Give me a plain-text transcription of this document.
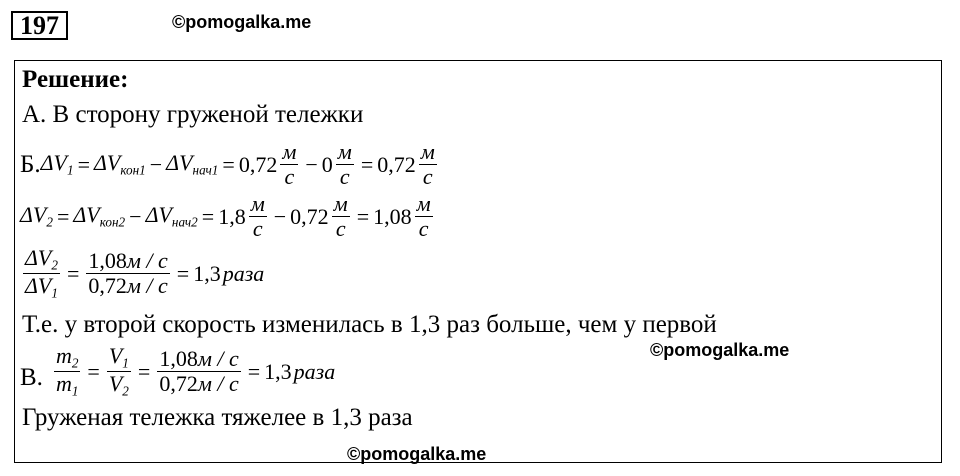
197	©pomogalka.me
Решение:
А. В сторону груженой тележки
Б. $\Delta V_1 = \Delta V_{кон1} - \Delta V_{нач1} = 0,72 \frac{м}{с} - 0 \frac{м}{с} = 0,72 \frac{м}{с}$
$\Delta V_2 = \Delta V_{кон2} - \Delta V_{нач2} = 1,8 \frac{м}{с} - 0,72 \frac{м}{с} = 1,08 \frac{м}{с}$
$\frac{\Delta V_2}{\Delta V_1} = \frac{1,08м / с}{0,72м / с} = 1,3$ раза
Т.е. у второй скорость изменилась в 1,3 раз больше, чем у первой
©pomogalka.me
В. $\frac{m_2}{m_1} = \frac{V_1}{V_2} = \frac{1,08м / с}{0,72м / с} = 1,3$ раза
Груженая тележка тяжелее в 1,3 раза
©pomogalka.me
